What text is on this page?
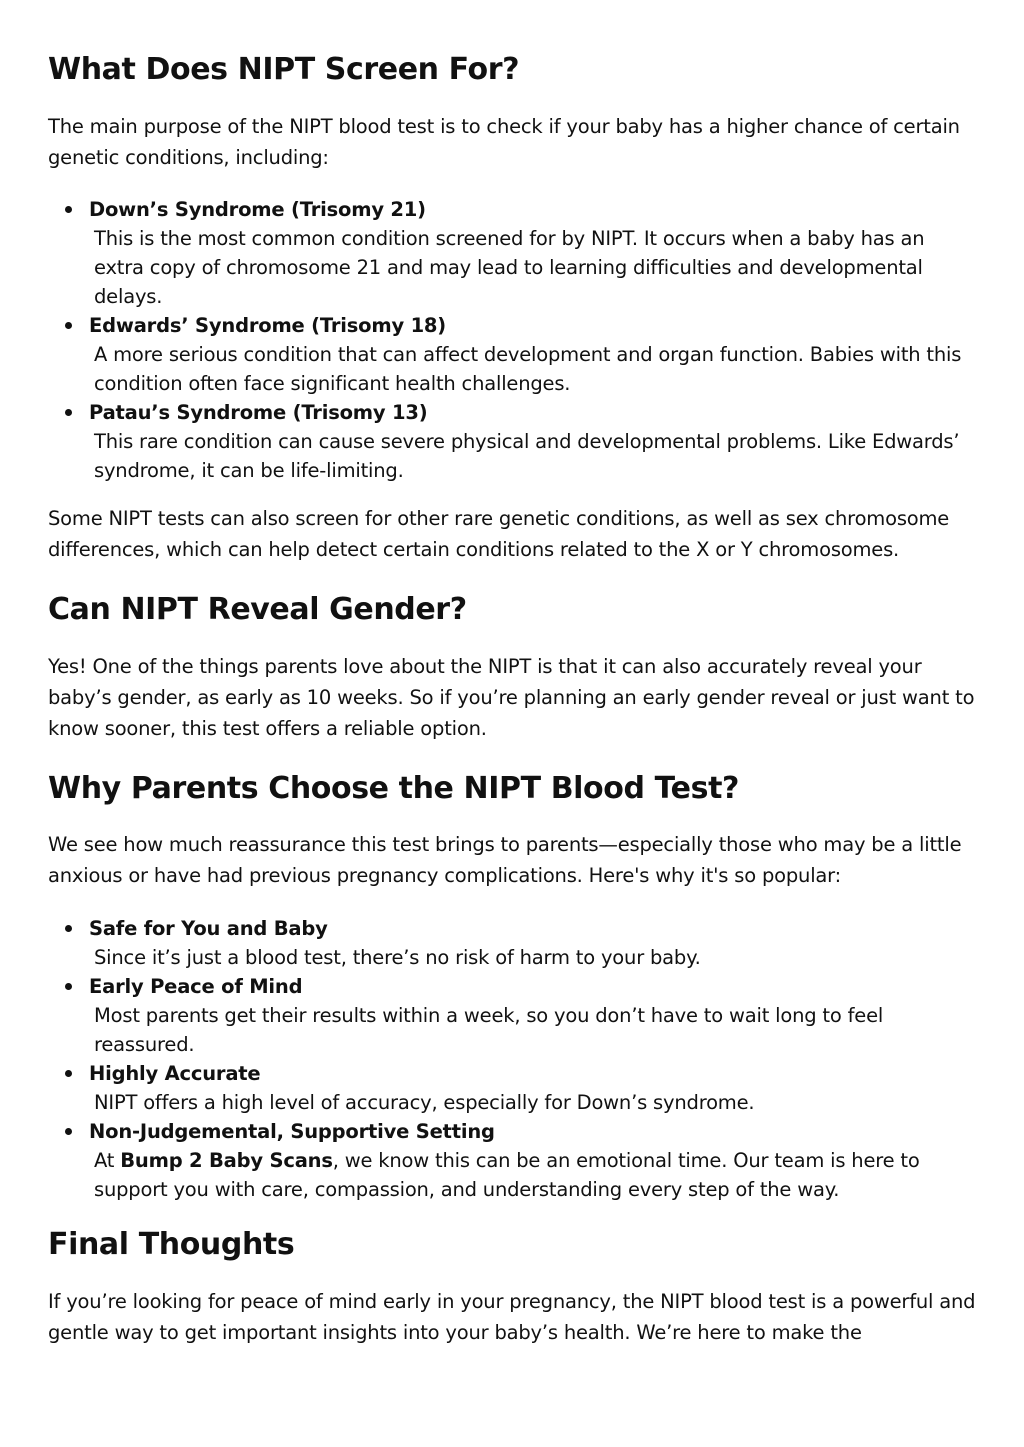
What Does NIPT Screen For?

The main purpose of the NIPT blood test is to check if your baby has a higher chance of certain genetic conditions, including:

Down’s Syndrome (Trisomy 21)
This is the most common condition screened for by NIPT. It occurs when a baby has an extra copy of chromosome 21 and may lead to learning difficulties and developmental delays.
Edwards’ Syndrome (Trisomy 18)
A more serious condition that can affect development and organ function. Babies with this condition often face significant health challenges.
Patau’s Syndrome (Trisomy 13)
This rare condition can cause severe physical and developmental problems. Like Edwards’ syndrome, it can be life-limiting.

Some NIPT tests can also screen for other rare genetic conditions, as well as sex chromosome differences, which can help detect certain conditions related to the X or Y chromosomes.

Can NIPT Reveal Gender?

Yes! One of the things parents love about the NIPT is that it can also accurately reveal your baby’s gender, as early as 10 weeks. So if you’re planning an early gender reveal or just want to know sooner, this test offers a reliable option.

Why Parents Choose the NIPT Blood Test?

We see how much reassurance this test brings to parents—especially those who may be a little anxious or have had previous pregnancy complications. Here's why it's so popular:

Safe for You and Baby
Since it’s just a blood test, there’s no risk of harm to your baby.
Early Peace of Mind
Most parents get their results within a week, so you don’t have to wait long to feel reassured.
Highly Accurate
NIPT offers a high level of accuracy, especially for Down’s syndrome.
Non-Judgemental, Supportive Setting
At Bump 2 Baby Scans, we know this can be an emotional time. Our team is here to support you with care, compassion, and understanding every step of the way.
Final Thoughts

If you’re looking for peace of mind early in your pregnancy, the NIPT blood test is a powerful and gentle way to get important insights into your baby’s health. We’re here to make the
